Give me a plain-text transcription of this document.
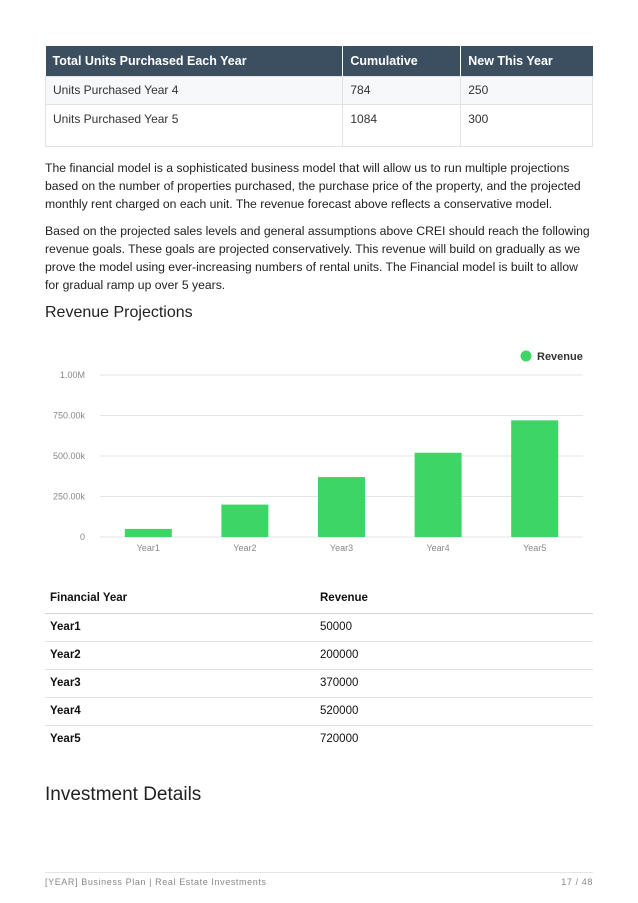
Total Units Purchased Each Year	Cumulative	New This Year
Units Purchased Year 4	784	250
Units Purchased Year 5	1084	300

The financial model is a sophisticated business model that will allow us to run multiple projections based on the number of properties purchased, the purchase price of the property, and the projected monthly rent charged on each unit. The revenue forecast above reflects a conservative model.

Based on the projected sales levels and general assumptions above CREI should reach the following revenue goals. These goals are projected conservatively. This revenue will build on gradually as we prove the model using ever-increasing numbers of rental units. The Financial model is built to allow for gradual ramp up over 5 years.

Revenue Projections
0
250.00k
500.00k
750.00k
1.00M
Year1	Year2	Year3	Year4	Year5
Revenue
Financial Year	Revenue
Year1	50000
Year2	200000
Year3	370000
Year4	520000
Year5	720000
Investment Details
[YEAR] Business Plan | Real Estate Investments	17 / 48
